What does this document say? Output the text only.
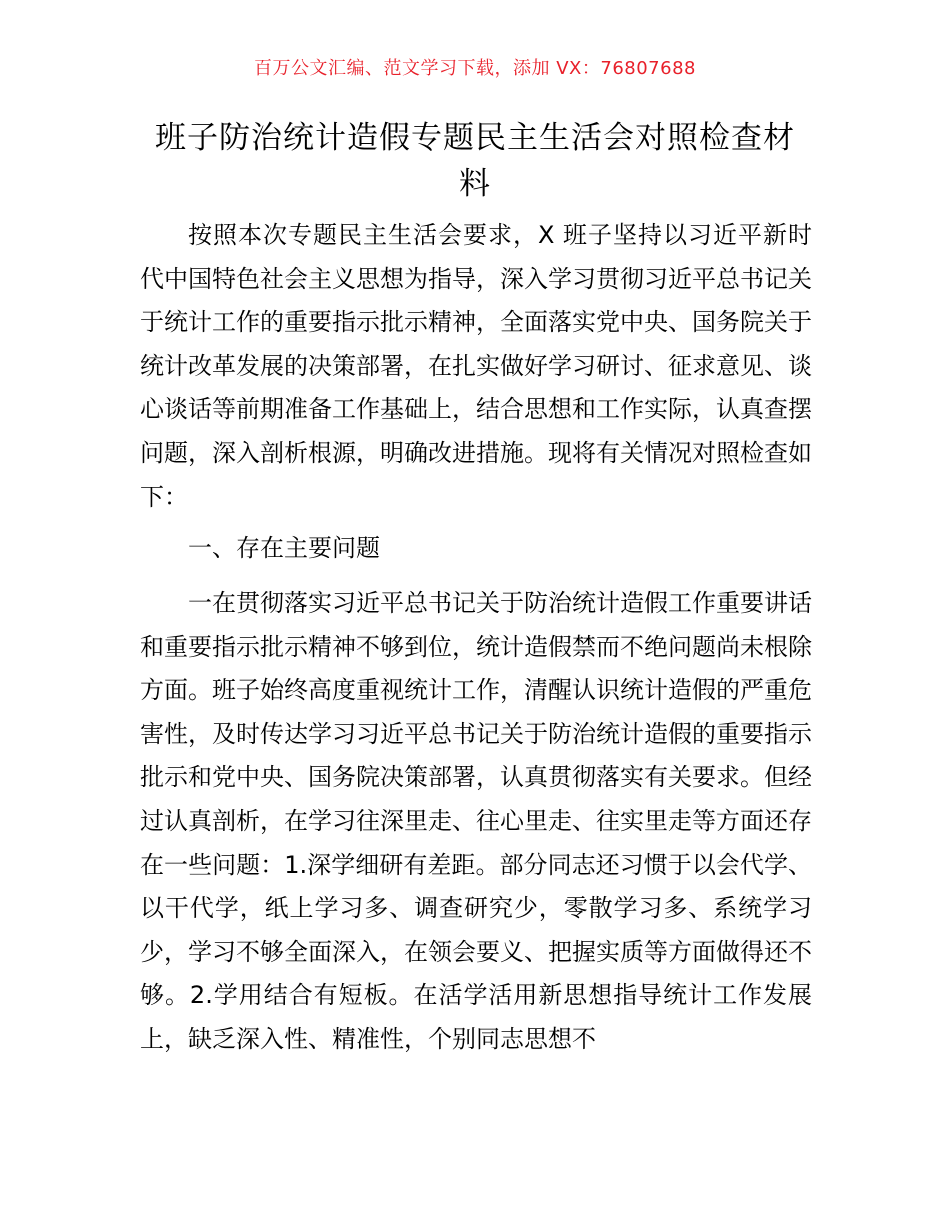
百万公文汇编、范文学习下载，添加 VX：76807688
班子防治统计造假专题民主生活会对照检查材料

按照本次专题民主生活会要求，X 班子坚持以习近平新时代中国特色社会主义思想为指导，深入学习贯彻习近平总书记关于统计工作的重要指示批示精神，全面落实党中央、国务院关于统计改革发展的决策部署，在扎实做好学习研讨、征求意见、谈心谈话等前期准备工作基础上，结合思想和工作实际，认真查摆问题，深入剖析根源，明确改进措施。现将有关情况对照检查如下：

一、存在主要问题

一在贯彻落实习近平总书记关于防治统计造假工作重要讲话和重要指示批示精神不够到位，统计造假禁而不绝问题尚未根除方面。班子始终高度重视统计工作，清醒认识统计造假的严重危害性，及时传达学习习近平总书记关于防治统计造假的重要指示批示和党中央、国务院决策部署，认真贯彻落实有关要求。但经过认真剖析，在学习往深里走、往心里走、往实里走等方面还存在一些问题：1.深学细研有差距。部分同志还习惯于以会代学、以干代学，纸上学习多、调查研究少，零散学习多、系统学习少，学习不够全面深入，在领会要义、把握实质等方面做得还不够。2.学用结合有短板。在活学活用新思想指导统计工作发展上，缺乏深入性、精准性，个别同志思想不
